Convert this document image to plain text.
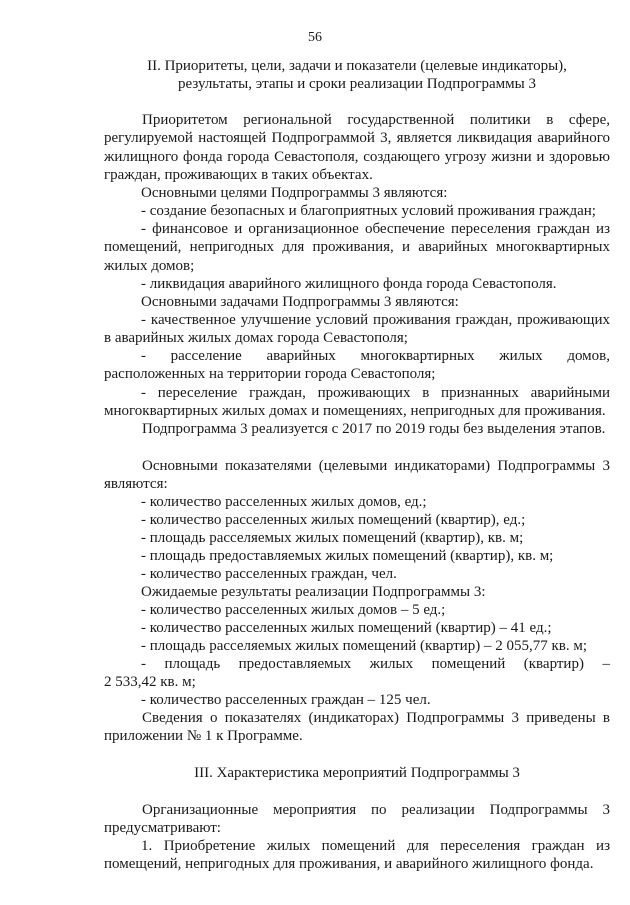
56
II. Приоритеты, цели, задачи и показатели (целевые индикаторы),
результаты, этапы и сроки реализации Подпрограммы 3

Приоритетом региональной государственной политики в сфере, регулируемой настоящей Подпрограммой 3, является ликвидация аварийного жилищного фонда города Севастополя, создающего угрозу жизни и здоровью граждан, проживающих в таких объектах.

Основными целями Подпрограммы 3 являются:

- создание безопасных и благоприятных условий проживания граждан;

- финансовое и организационное обеспечение переселения граждан из помещений, непригодных для проживания, и аварийных многоквартирных жилых домов;

- ликвидация аварийного жилищного фонда города Севастополя.

Основными задачами Подпрограммы 3 являются:

- качественное улучшение условий проживания граждан, проживающих в аварийных жилых домах города Севастополя;

- расселение аварийных многоквартирных жилых домов, расположенных на территории города Севастополя;

- переселение граждан, проживающих в признанных аварийными многоквартирных жилых домах и помещениях, непригодных для проживания.

Подпрограмма 3 реализуется с 2017 по 2019 годы без выделения этапов.

Основными показателями (целевыми индикаторами) Подпрограммы 3 являются:

- количество расселенных жилых домов, ед.;

- количество расселенных жилых помещений (квартир), ед.;

- площадь расселяемых жилых помещений (квартир), кв. м;

- площадь предоставляемых жилых помещений (квартир), кв. м;

- количество расселенных граждан, чел.

Ожидаемые результаты реализации Подпрограммы 3:

- количество расселенных жилых домов – 5 ед.;

- количество расселенных жилых помещений (квартир) – 41 ед.;

- площадь расселяемых жилых помещений (квартир) – 2 055,77 кв. м;

- площадь предоставляемых жилых помещений (квартир) –
2 533,42 кв. м;

- количество расселенных граждан – 125 чел.

Сведения о показателях (индикаторах) Подпрограммы 3 приведены в приложении № 1 к Программе.

III. Характеристика мероприятий Подпрограммы 3

Организационные мероприятия по реализации Подпрограммы 3 предусматривают:

1. Приобретение жилых помещений для переселения граждан из помещений, непригодных для проживания, и аварийного жилищного фонда.
